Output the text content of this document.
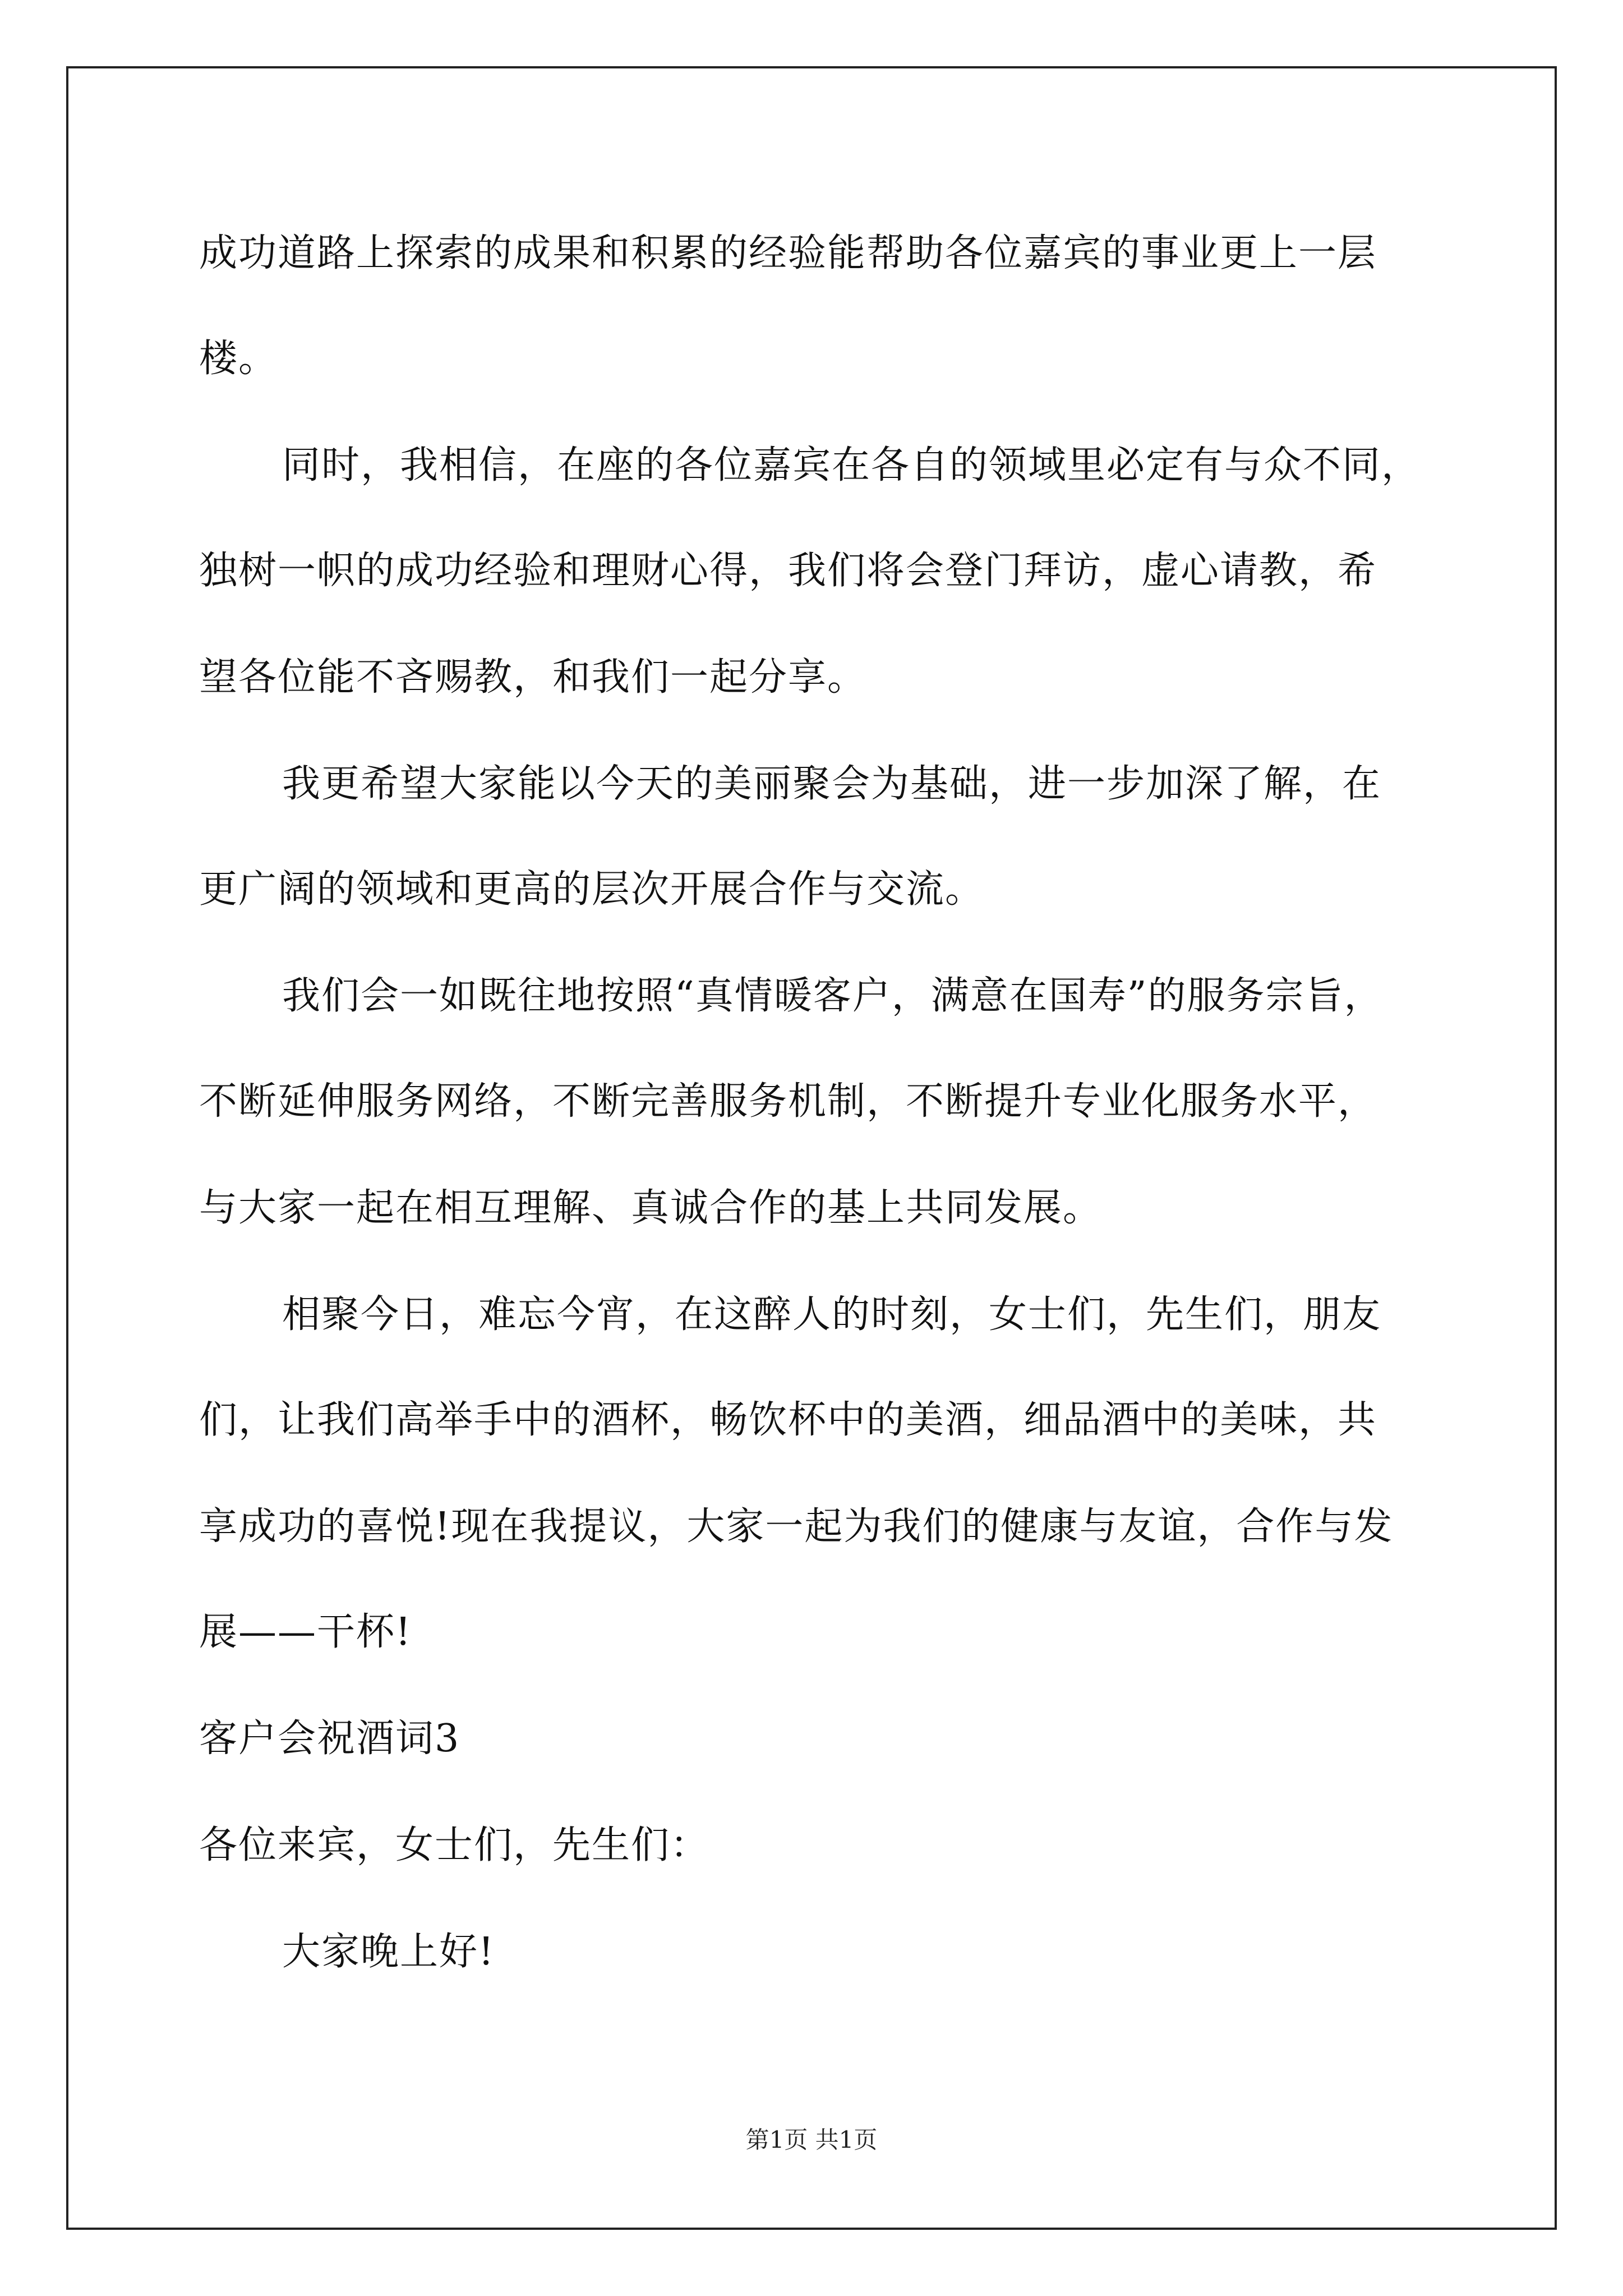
成功道路上探索的成果和积累的经验能帮助各位嘉宾的事业更上一层
楼。
同时，我相信，在座的各位嘉宾在各自的领域里必定有与众不同，
独树一帜的成功经验和理财心得，我们将会登门拜访，虚心请教，希
望各位能不吝赐教，和我们一起分享。
我更希望大家能以今天的美丽聚会为基础，进一步加深了解，在
更广阔的领域和更高的层次开展合作与交流。
我们会一如既往地按照“真情暖客户，满意在国寿”的服务宗旨，
不断延伸服务网络，不断完善服务机制，不断提升专业化服务水平，
与大家一起在相互理解、真诚合作的基上共同发展。
相聚今日，难忘今宵，在这醉人的时刻，女士们，先生们，朋友
们，让我们高举手中的酒杯，畅饮杯中的美酒，细品酒中的美味，共
享成功的喜悦!现在我提议，大家一起为我们的健康与友谊，合作与发
展——干杯!
客户会祝酒词3
各位来宾，女士们，先生们：
大家晚上好!
第1页 共1页
